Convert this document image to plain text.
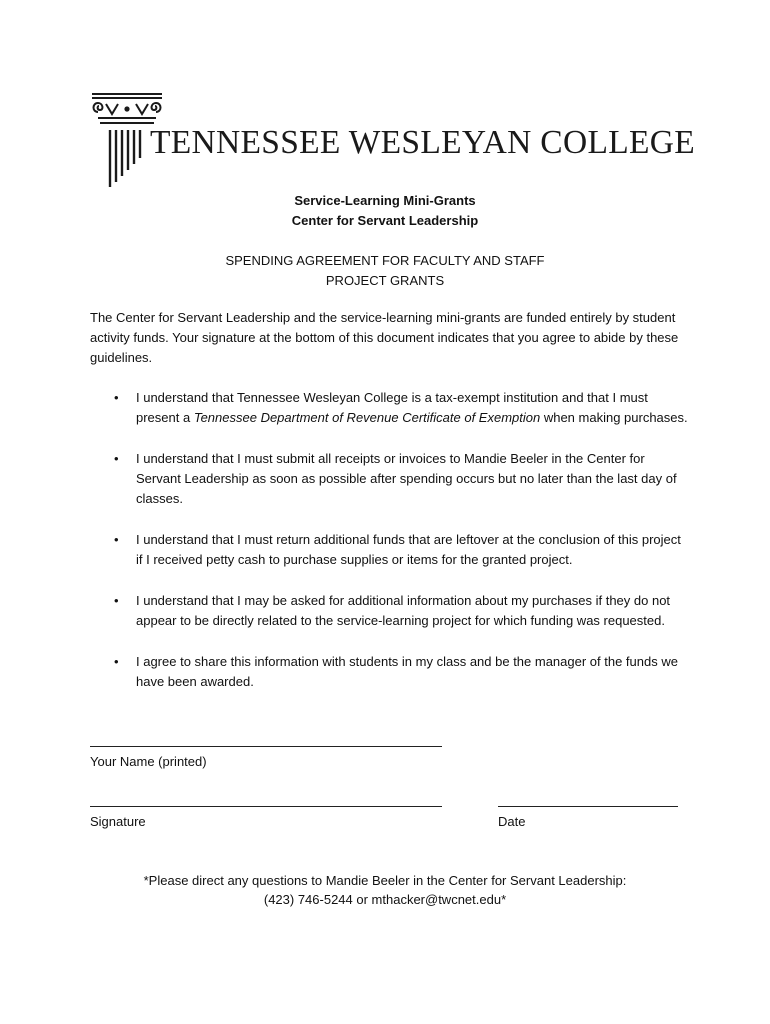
TENNESSEE WESLEYAN COLLEGE
Service-Learning Mini-Grants
Center for Servant Leadership
SPENDING AGREEMENT FOR FACULTY AND STAFF
PROJECT GRANTS
The Center for Servant Leadership and the service-learning mini-grants are funded entirely by student activity funds. Your signature at the bottom of this document indicates that you agree to abide by these guidelines.
• I understand that Tennessee Wesleyan College is a tax-exempt institution and that I must present a Tennessee Department of Revenue Certificate of Exemption when making purchases.
• I understand that I must submit all receipts or invoices to Mandie Beeler in the Center for Servant Leadership as soon as possible after spending occurs but no later than the last day of classes.
• I understand that I must return additional funds that are leftover at the conclusion of this project if I received petty cash to purchase supplies or items for the granted project.
• I understand that I may be asked for additional information about my purchases if they do not appear to be directly related to the service-learning project for which funding was requested.
• I agree to share this information with students in my class and be the manager of the funds we have been awarded.
Your Name (printed)
Signature	Date
*Please direct any questions to Mandie Beeler in the Center for Servant Leadership:
(423) 746-5244 or mthacker@twcnet.edu*
